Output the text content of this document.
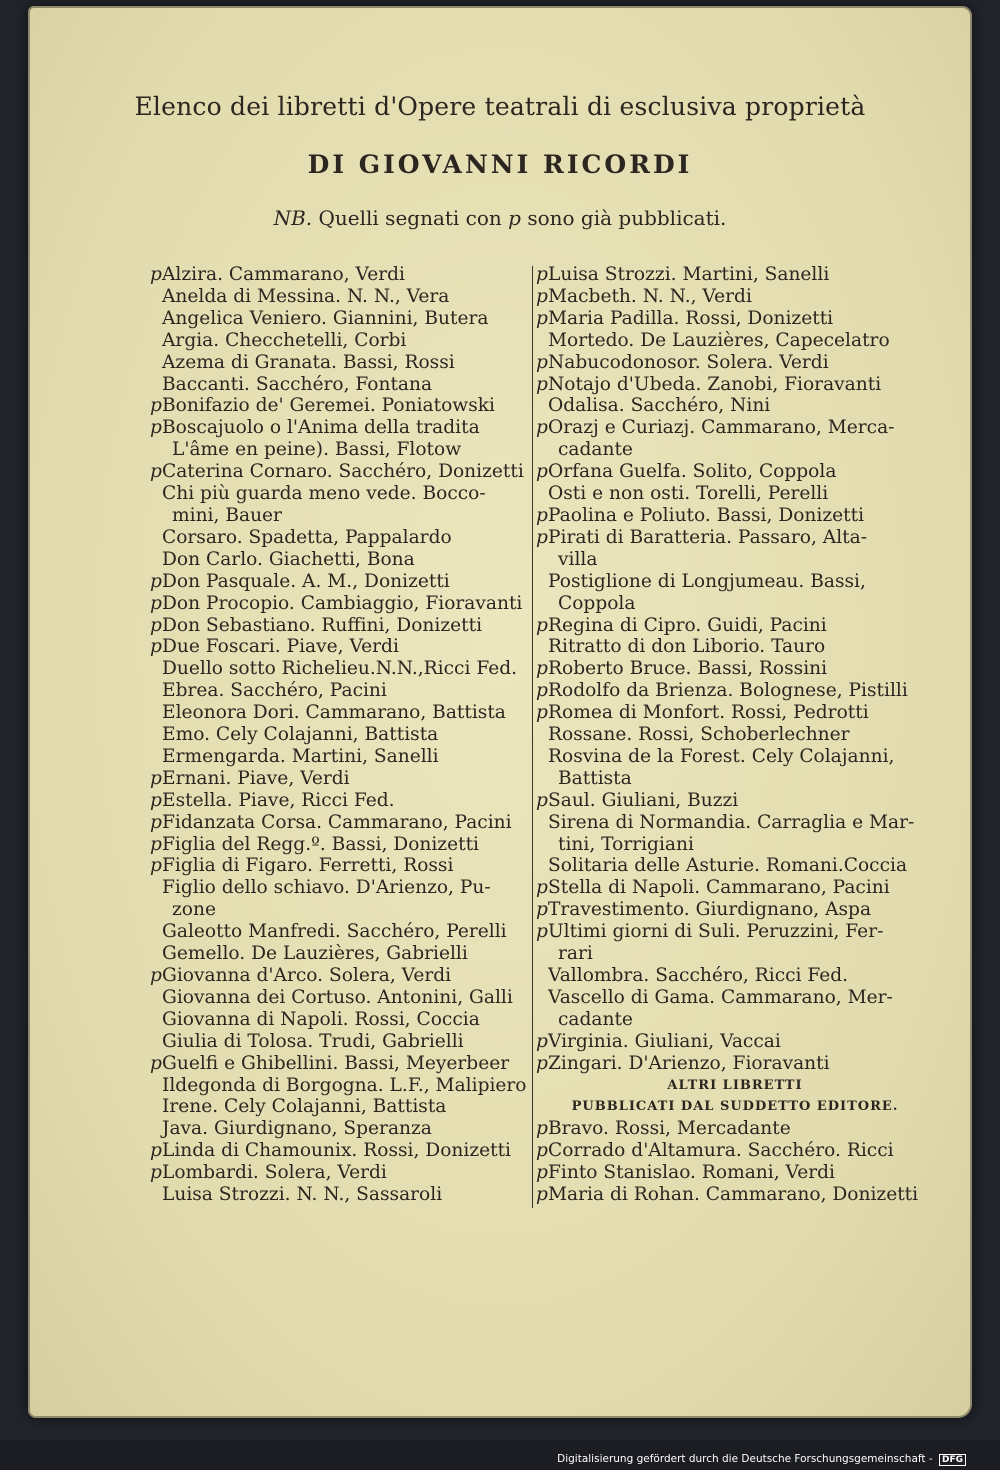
Elenco dei libretti d'Opere teatrali di esclusiva proprietà
DI GIOVANNI RICORDI
NB. Quelli segnati con p sono già pubblicati.
pAlzira. Cammarano, Verdi
Anelda di Messina. N. N., Vera
Angelica Veniero. Giannini, Butera
Argia. Checchetelli, Corbi
Azema di Granata. Bassi, Rossi
Baccanti. Sacchéro, Fontana
pBonifazio de' Geremei. Poniatowski
pBoscajuolo o l'Anima della tradita
L'âme en peine). Bassi, Flotow
pCaterina Cornaro. Sacchéro, Donizetti
Chi più guarda meno vede. Bocco-
mini, Bauer
Corsaro. Spadetta, Pappalardo
Don Carlo. Giachetti, Bona
pDon Pasquale. A. M., Donizetti
pDon Procopio. Cambiaggio, Fioravanti
pDon Sebastiano. Ruffini, Donizetti
pDue Foscari. Piave, Verdi
Duello sotto Richelieu.N.N.,Ricci Fed.
Ebrea. Sacchéro, Pacini
Eleonora Dori. Cammarano, Battista
Emo. Cely Colajanni, Battista
Ermengarda. Martini, Sanelli
pErnani. Piave, Verdi
pEstella. Piave, Ricci Fed.
pFidanzata Corsa. Cammarano, Pacini
pFiglia del Regg.º. Bassi, Donizetti
pFiglia di Figaro. Ferretti, Rossi
Figlio dello schiavo. D'Arienzo, Pu-
zone
Galeotto Manfredi. Sacchéro, Perelli
Gemello. De Lauzières, Gabrielli
pGiovanna d'Arco. Solera, Verdi
Giovanna dei Cortuso. Antonini, Galli
Giovanna di Napoli. Rossi, Coccia
Giulia di Tolosa. Trudi, Gabrielli
pGuelfi e Ghibellini. Bassi, Meyerbeer
Ildegonda di Borgogna. L.F., Malipiero
Irene. Cely Colajanni, Battista
Java. Giurdignano, Speranza
pLinda di Chamounix. Rossi, Donizetti
pLombardi. Solera, Verdi
Luisa Strozzi. N. N., Sassaroli
pLuisa Strozzi. Martini, Sanelli
pMacbeth. N. N., Verdi
pMaria Padilla. Rossi, Donizetti
Mortedo. De Lauzières, Capecelatro
pNabucodonosor. Solera. Verdi
pNotajo d'Ubeda. Zanobi, Fioravanti
Odalisa. Sacchéro, Nini
pOrazj e Curiazj. Cammarano, Merca-
cadante
pOrfana Guelfa. Solito, Coppola
Osti e non osti. Torelli, Perelli
pPaolina e Poliuto. Bassi, Donizetti
pPirati di Baratteria. Passaro, Alta-
villa
Postiglione di Longjumeau. Bassi,
Coppola
pRegina di Cipro. Guidi, Pacini
Ritratto di don Liborio. Tauro
pRoberto Bruce. Bassi, Rossini
pRodolfo da Brienza. Bolognese, Pistilli
pRomea di Monfort. Rossi, Pedrotti
Rossane. Rossi, Schoberlechner
Rosvina de la Forest. Cely Colajanni,
Battista
pSaul. Giuliani, Buzzi
Sirena di Normandia. Carraglia e Mar-
tini, Torrigiani
Solitaria delle Asturie. Romani.Coccia
pStella di Napoli. Cammarano, Pacini
pTravestimento. Giurdignano, Aspa
pUltimi giorni di Suli. Peruzzini, Fer-
rari
Vallombra. Sacchéro, Ricci Fed.
Vascello di Gama. Cammarano, Mer-
cadante
pVirginia. Giuliani, Vaccai
pZingari. D'Arienzo, Fioravanti
ALTRI LIBRETTI
PUBBLICATI DAL SUDDETTO EDITORE.
pBravo. Rossi, Mercadante
pCorrado d'Altamura. Sacchéro. Ricci
pFinto Stanislao. Romani, Verdi
pMaria di Rohan. Cammarano, Donizetti
Digitalisierung gefördert durch die Deutsche Forschungsgemeinschaft - DFG
